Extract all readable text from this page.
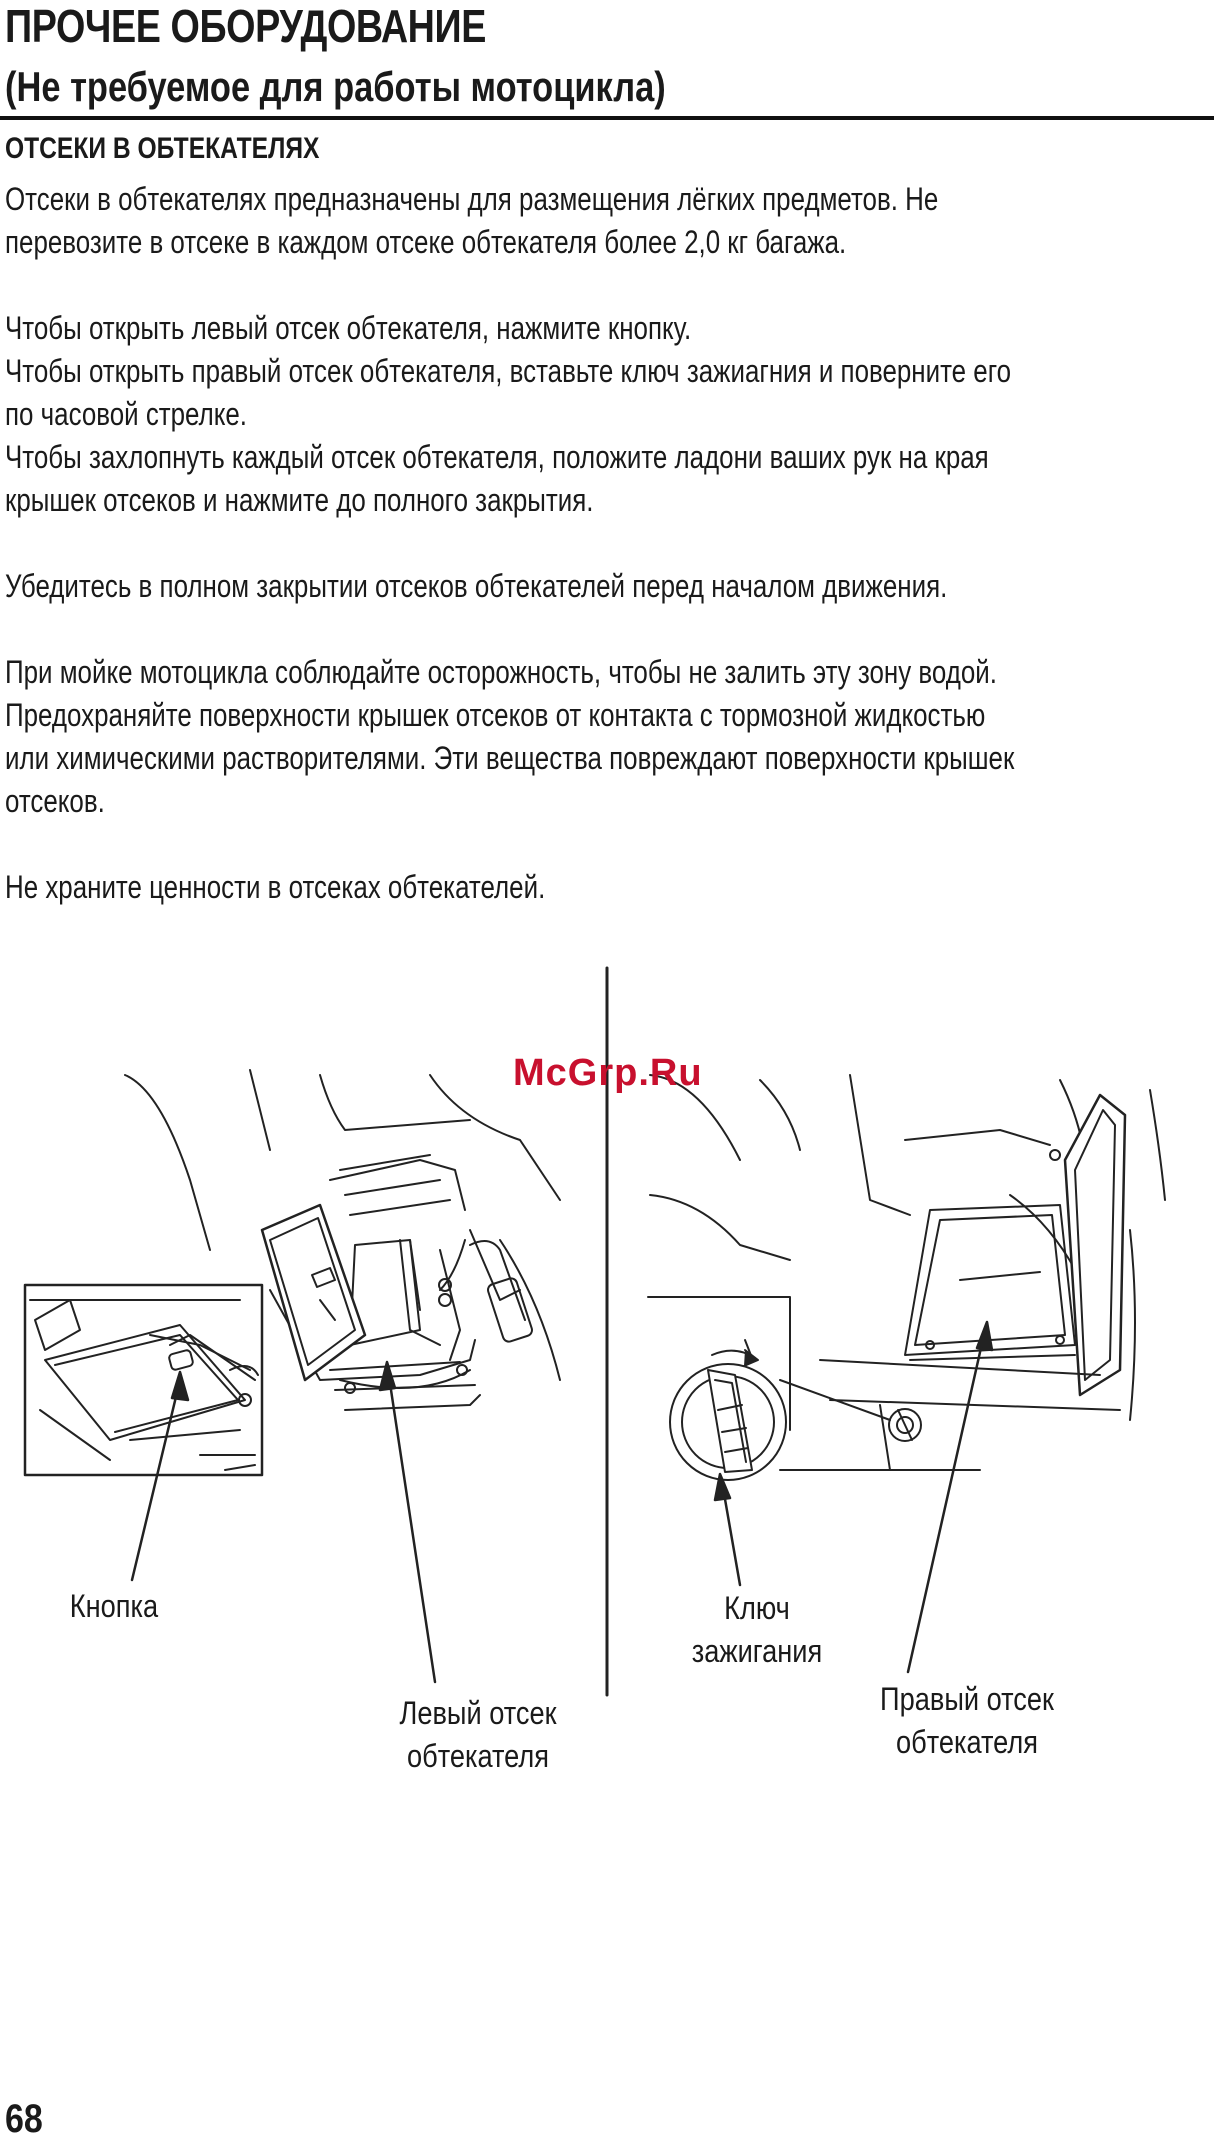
ПРОЧЕЕ ОБОРУДОВАНИЕ
(Не требуемое для работы мотоцикла)
ОТСЕКИ В ОБТЕКАТЕЛЯХ

Отсеки в обтекателях предназначены для размещения лёгких предметов. Не

перевозите в отсеке в каждом отсеке обтекателя более 2,0 кг багажа.

Чтобы открыть левый отсек обтекателя, нажмите кнопку.

Чтобы открыть правый отсек обтекателя, вставьте ключ зажиагния и поверните его

по часовой стрелке.

Чтобы захлопнуть каждый отсек обтекателя, положите ладони ваших рук на края

крышек отсеков и нажмите до полного закрытия.

Убедитесь в полном закрытии отсеков обтекателей перед началом движения.

При мойке мотоцикла соблюдайте осторожность, чтобы не залить эту зону водой.

Предохраняйте поверхности крышек отсеков от контакта с тормозной жидкостью

или химическими растворителями. Эти вещества повреждают поверхности крышек

отсеков.

Не храните ценности в отсеках обтекателей.

McGrp.Ru
Кнопка
Левый отсек
обтекателя
Ключ
зажигания
Правый отсек
обтекателя
68
